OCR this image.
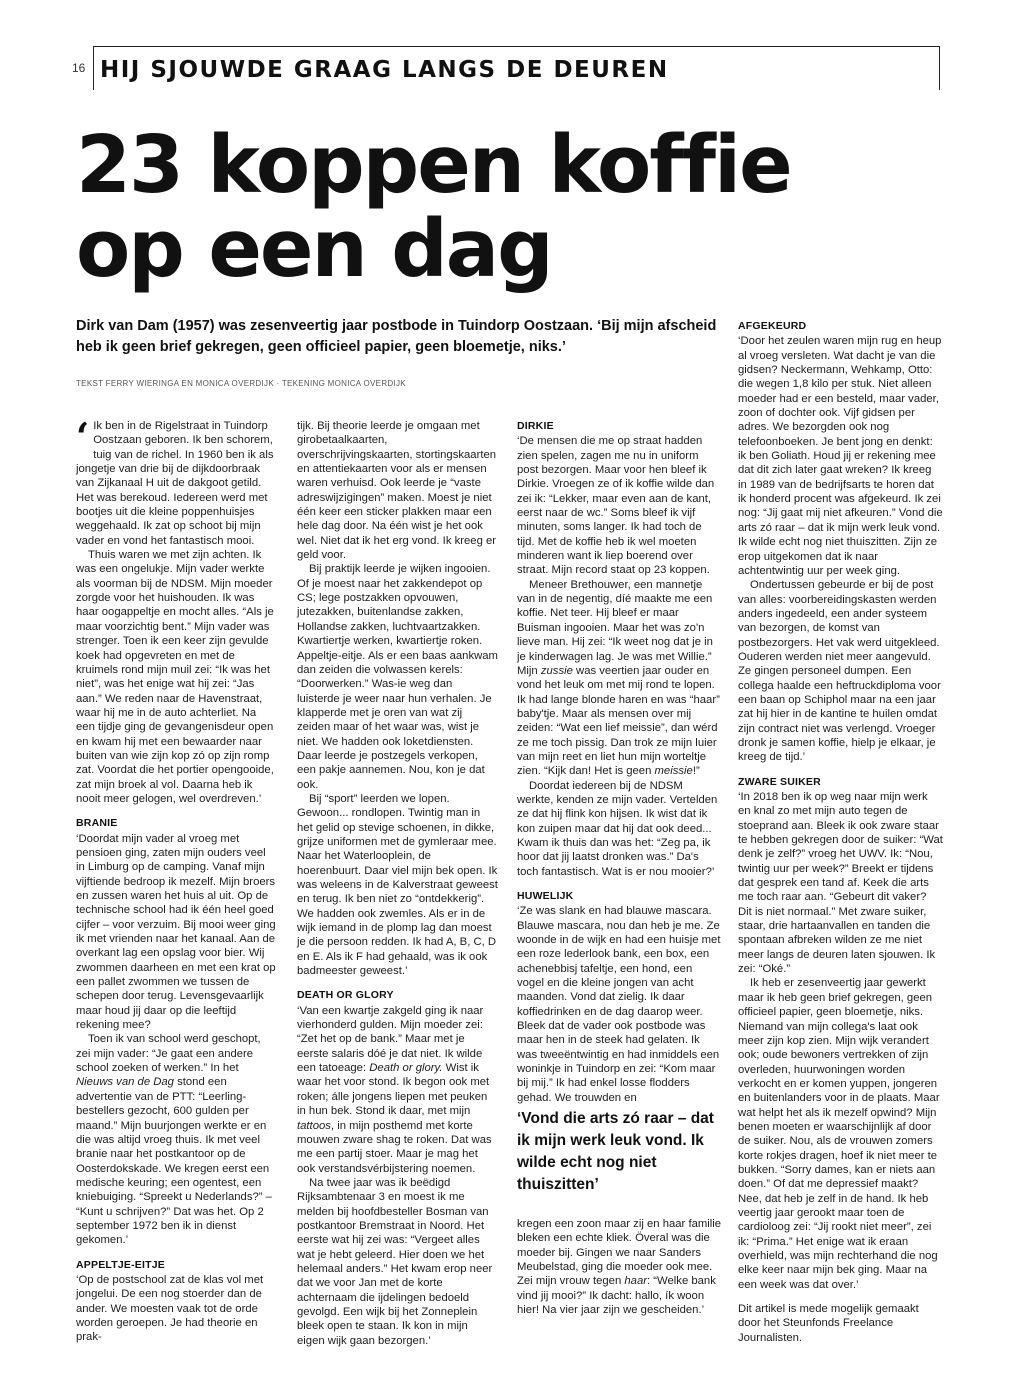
16 HIJ SJOUWDE GRAAG LANGS DE DEUREN
23 koppen koffie
op een dag

Dirk van Dam (1957) was zesenveertig jaar postbode in Tuindorp Oostzaan. ‘Bij mijn afscheid heb ik geen brief gekregen, geen officieel papier, geen bloemetje, niks.’

TEKST FERRY WIERINGA EN MONICA OVERDIJK · TEKENING MONICA OVERDIJK

‘ Ik ben in de Rigelstraat in Tuindorp Oostzaan geboren. Ik ben schorem, tuig van de richel. In 1960 ben ik als jongetje van drie bij de dijkdoorbraak van Zijkanaal H uit de dakgoot getild. Het was berekoud. Iedereen werd met bootjes uit die kleine poppenhuisjes weggehaald. Ik zat op schoot bij mijn vader en vond het fantastisch mooi.

Thuis waren we met zijn achten. Ik was een ongelukje. Mijn vader werkte als voorman bij de NDSM. Mijn moeder zorgde voor het huishouden. Ik was haar oogappeltje en mocht alles. “Als je maar voorzichtig bent.” Mijn vader was strenger. Toen ik een keer zijn gevulde koek had opgevreten en met de kruimels rond mijn muil zei: “Ik was het niet”, was het enige wat hij zei: “Jas aan.” We reden naar de Havenstraat, waar hij me in de auto achterliet. Na een tijdje ging de gevangenisdeur open en kwam hij met een bewaarder naar buiten van wie zijn kop zó op zijn romp zat. Voordat die het portier opengooide, zat mijn broek al vol. Daarna heb ik nooit meer gelogen, wel overdreven.’

BRANIE

‘Doordat mijn vader al vroeg met pensioen ging, zaten mijn ouders veel in Limburg op de camping. Vanaf mijn vijftiende bedroop ik mezelf. Mijn broers en zussen waren het huis al uit. Op de technische school had ik één heel goed cijfer – voor verzuim. Bij mooi weer ging ik met vrienden naar het kanaal. Aan de overkant lag een opslag voor bier. Wij zwommen daarheen en met een krat op een pallet zwommen we tussen de schepen door terug. Levensgevaarlijk maar houd jij daar op die leeftijd rekening mee?

Toen ik van school werd geschopt, zei mijn vader: “Je gaat een andere school zoeken of werken.” In het Nieuws van de Dag stond een advertentie van de PTT: “Leerling-bestellers gezocht, 600 gulden per maand.” Mijn buurjongen werkte er en die was altijd vroeg thuis. Ik met veel branie naar het postkantoor op de Oosterdokskade. We kregen eerst een medische keuring; een ogentest, een kniebuiging. “Spreekt u Nederlands?” – “Kunt u schrijven?” Dat was het. Op 2 september 1972 ben ik in dienst gekomen.’

APPELTJE-EITJE

‘Op de postschool zat de klas vol met jongelui. De een nog stoerder dan de ander. We moesten vaak tot de orde worden geroepen. Je had theorie en prak-

tijk. Bij theorie leerde je omgaan met girobetaalkaarten, overschrijvingskaarten, stortingskaarten en attentiekaarten voor als er mensen waren verhuisd. Ook leerde je “vaste adreswijzigingen” maken. Moest je niet één keer een sticker plakken maar een hele dag door. Na één wist je het ook wel. Niet dat ik het erg vond. Ik kreeg er geld voor.

Bij praktijk leerde je wijken ingooien. Of je moest naar het zakkendepot op CS; lege postzakken opvouwen, jutezakken, buitenlandse zakken, Hollandse zakken, luchtvaartzakken. Kwartiertje werken, kwartiertje roken. Appeltje-eitje. Als er een baas aankwam dan zeiden die volwassen kerels: “Doorwerken.” Was-ie weg dan luisterde je weer naar hun verhalen. Je klapperde met je oren van wat zij zeiden maar of het waar was, wist je niet. We hadden ook loketdiensten. Daar leerde je postzegels verkopen, een pakje aannemen. Nou, kon je dat ook.

Bij “sport” leerden we lopen. Gewoon... rondlopen. Twintig man in het gelid op stevige schoenen, in dikke, grijze uniformen met de gymleraar mee. Naar het Waterlooplein, de hoerenbuurt. Daar viel mijn bek open. Ik was weleens in de Kalverstraat geweest en terug. Ik ben niet zo “ontdekkerig”. We hadden ook zwemles. Als er in de wijk iemand in de plomp lag dan moest je die persoon redden. Ik had A, B, C, D en E. Als ik F had gehaald, was ik ook badmeester geweest.’

DEATH OR GLORY

‘Van een kwartje zakgeld ging ik naar vierhonderd gulden. Mijn moeder zei: “Zet het op de bank.” Maar met je eerste salaris dóé je dat niet. Ik wilde een tatoeage: Death or glory. Wist ik waar het voor stond. Ik begon ook met roken; álle jongens liepen met peuken in hun bek. Stond ik daar, met mijn tattoos, in mijn posthemd met korte mouwen zware shag te roken. Dat was me een partij stoer. Maar je mag het ook verstandsvérbijstering noemen.

Na twee jaar was ik beëdigd Rijksambtenaar 3 en moest ik me melden bij hoofdbesteller Bosman van postkantoor Bremstraat in Noord. Het eerste wat hij zei was: “Vergeet alles wat je hebt geleerd. Hier doen we het helemaal anders.” Het kwam erop neer dat we voor Jan met de korte achternaam die ijdelingen bedoeld gevolgd. Een wijk bij het Zonneplein bleek open te staan. Ik kon in mijn eigen wijk gaan bezorgen.’

DIRKIE

‘De mensen die me op straat hadden zien spelen, zagen me nu in uniform post bezorgen. Maar voor hen bleef ik Dirkie. Vroegen ze of ik koffie wilde dan zei ik: “Lekker, maar even aan de kant, eerst naar de wc.” Soms bleef ik vijf minuten, soms langer. Ik had toch de tijd. Met de koffie heb ik wel moeten minderen want ik liep boerend over straat. Mijn record staat op 23 koppen.

Meneer Brethouwer, een mannetje van in de negentig, díé maakte me een koffie. Net teer. Hij bleef er maar Buisman ingooien. Maar het was zo'n lieve man. Hij zei: “Ik weet nog dat je in je kinderwagen lag. Je was met Willie.” Mijn zussie was veertien jaar ouder en vond het leuk om met mij rond te lopen. Ik had lange blonde haren en was “haar” baby'tje. Maar als mensen over mij zeiden: “Wat een lief meissie”, dan wérd ze me toch pissig. Dan trok ze mijn luier van mijn reet en liet hun mijn worteltje zien. “Kijk dan! Het is geen meissie!”

Doordat iedereen bij de NDSM werkte, kenden ze mijn vader. Vertelden ze dat hij flink kon hijsen. Ik wist dat ik kon zuipen maar dat hij dat ook deed... Kwam ik thuis dan was het: “Zeg pa, ik hoor dat jij laatst dronken was.” Da's toch fantastisch. Wat is er nou mooier?’

HUWELIJK

‘Ze was slank en had blauwe mascara. Blauwe mascara, nou dan heb je me. Ze woonde in de wijk en had een huisje met een roze lederlook bank, een box, een achenebbisj tafeltje, een hond, een vogel en die kleine jongen van acht maanden. Vond dat zielig. Ik daar koffiedrinken en de dag daarop weer. Bleek dat de vader ook postbode was maar hen in de steek had gelaten. Ik was tweeëntwintig en had inmiddels een woninkje in Tuindorp en zei: “Kom maar bij mij.” Ik had enkel losse flodders gehad. We trouwden en

‘Vond die arts zó raar – dat ik mijn werk leuk vond. Ik wilde echt nog niet thuiszitten’

kregen een zoon maar zij en haar familie bleken een echte kliek. Överal was die moeder bij. Gingen we naar Sanders Meubelstad, ging die moeder ook mee. Zei mijn vrouw tegen haar: “Welke bank vind jij mooi?” Ik dacht: hallo, ík woon hier! Na vier jaar zijn we gescheiden.’

AFGEKEURD

‘Door het zeulen waren mijn rug en heup al vroeg versleten. Wat dacht je van die gidsen? Neckermann, Wehkamp, Otto: die wegen 1,8 kilo per stuk. Niet alleen moeder had er een besteld, maar vader, zoon of dochter ook. Vijf gidsen per adres. We bezorgden ook nog telefoonboeken. Je bent jong en denkt: ik ben Goliath. Houd jij er rekening mee dat dit zich later gaat wreken? Ik kreeg in 1989 van de bedrijfsarts te horen dat ik honderd procent was afgekeurd. Ik zei nog: “Jij gaat mij niet afkeuren.” Vond die arts zó raar – dat ik mijn werk leuk vond. Ik wilde echt nog niet thuiszitten. Zijn ze erop uitgekomen dat ik naar achtentwintig uur per week ging.

Ondertussen gebeurde er bij de post van alles: voorbereidingskasten werden anders ingedeeld, een ander systeem van bezorgen, de komst van postbezorgers. Het vak werd uitgekleed. Ouderen werden niet meer aangevuld. Ze gingen personeel dumpen. Een collega haalde een heftruckdiploma voor een baan op Schiphol maar na een jaar zat hij hier in de kantine te huilen omdat zijn contract niet was verlengd. Vroeger dronk je samen koffie, hielp je elkaar, je kreeg de tijd.’

ZWARE SUIKER

‘In 2018 ben ik op weg naar mijn werk en knal zo met mijn auto tegen de stoeprand aan. Bleek ik ook zware staar te hebben gekregen door de suiker: “Wat denk je zelf?” vroeg het UWV. Ik: “Nou, twintig uur per week?” Breekt er tijdens dat gesprek een tand af. Keek die arts me toch raar aan. “Gebeurt dit vaker? Dit is niet normaal.” Met zware suiker, staar, drie hartaanvallen en tanden die spontaan afbreken wilden ze me niet meer langs de deuren laten sjouwen. Ik zei: “Oké.”

Ik heb er zesenveertig jaar gewerkt maar ik heb geen brief gekregen, geen officieel papier, geen bloemetje, niks. Niemand van mijn collega's laat ook meer zijn kop zien. Mijn wijk verandert ook; oude bewoners vertrekken of zijn overleden, huurwoningen worden verkocht en er komen yuppen, jongeren en buitenlanders voor in de plaats. Maar wat helpt het als ik mezelf opwind? Mijn benen moeten er waarschijnlijk af door de suiker. Nou, als de vrouwen zomers korte rokjes dragen, hoef ik niet meer te bukken. “Sorry dames, kan er niets aan doen.” Of dat me depressief maakt? Nee, dat heb je zelf in de hand. Ik heb veertig jaar gerookt maar toen de cardioloog zei: “Jij rookt niet meer”, zei ik: “Prima.” Het enige wat ik eraan overhield, was mijn rechterhand die nog elke keer naar mijn bek ging. Maar na een week was dat over.’

Dit artikel is mede mogelijk gemaakt door het Steunfonds Freelance Journalisten.
